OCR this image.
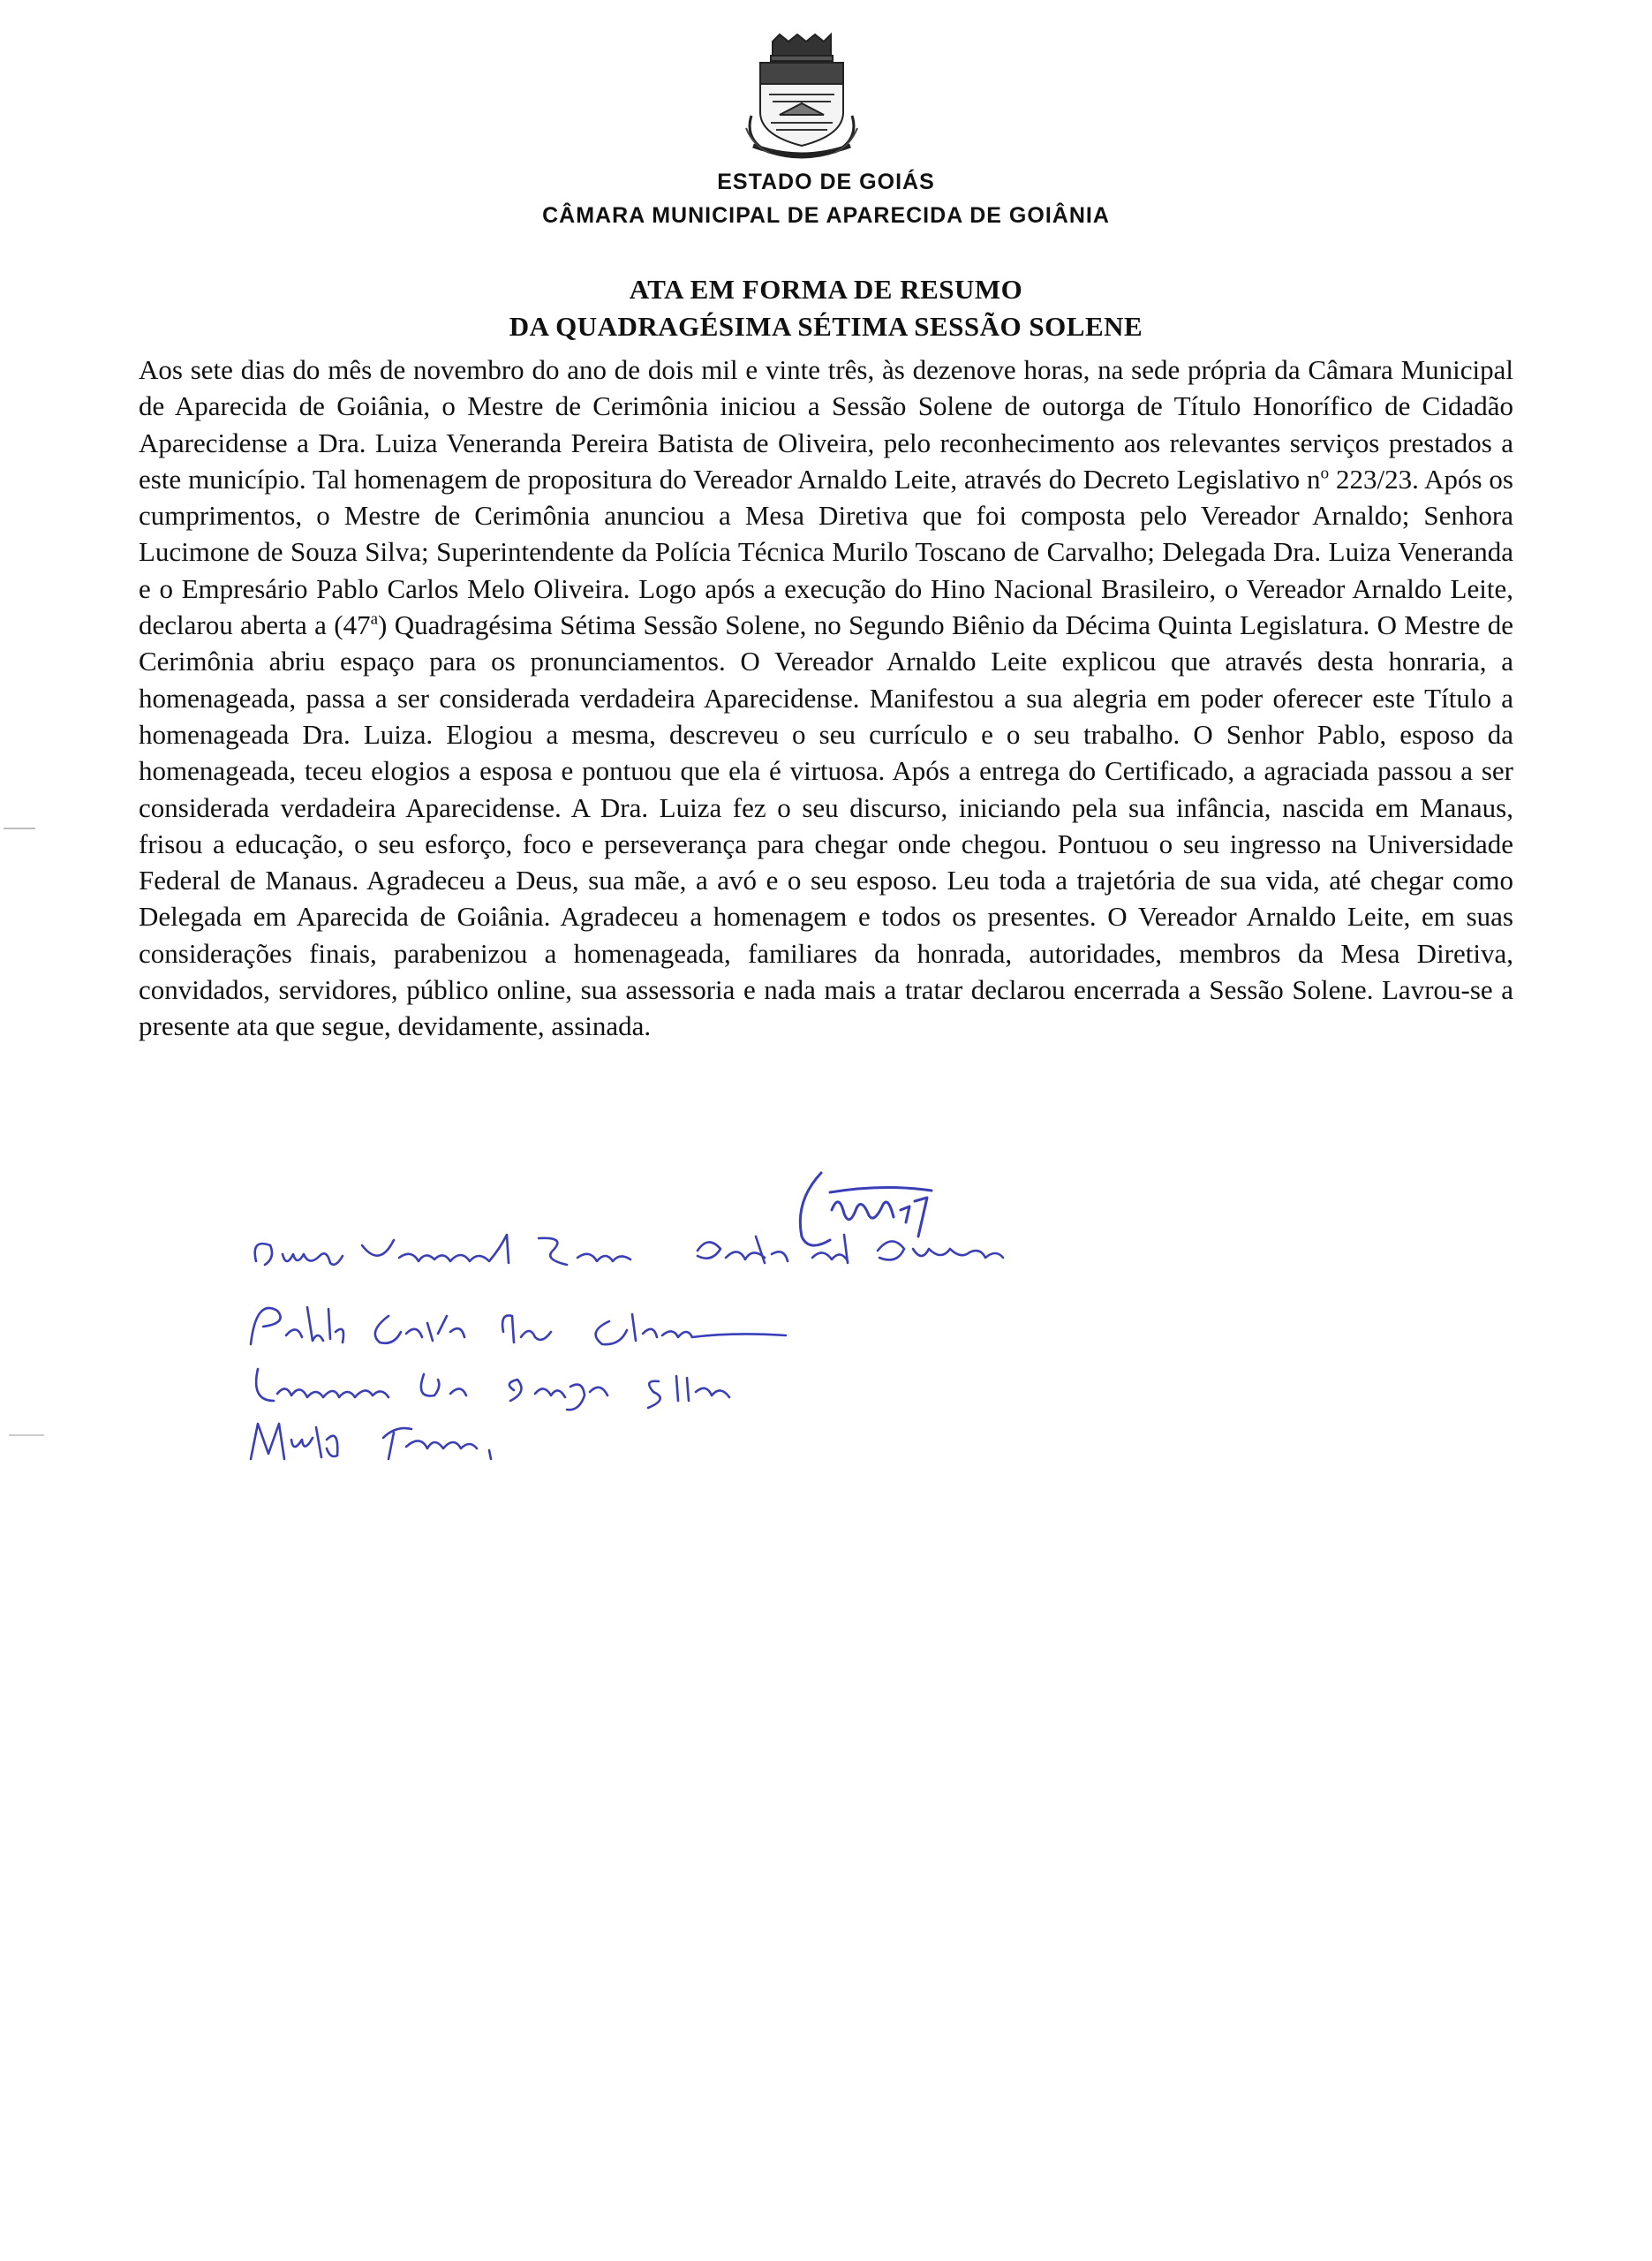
ESTADO DE GOIÁS
CÂMARA MUNICIPAL DE APARECIDA DE GOIÂNIA
ATA EM FORMA DE RESUMO
DA QUADRAGÉSIMA SÉTIMA SESSÃO SOLENE

Aos sete dias do mês de novembro do ano de dois mil e vinte três, às dezenove horas, na sede própria da Câmara Municipal de Aparecida de Goiânia, o Mestre de Cerimônia iniciou a Sessão Solene de outorga de Título Honorífico de Cidadão Aparecidense a Dra. Luiza Veneranda Pereira Batista de Oliveira, pelo reconhecimento aos relevantes serviços prestados a este município. Tal homenagem de propositura do Vereador Arnaldo Leite, através do Decreto Legislativo $n^o$ 223/23. Após os cumprimentos, o Mestre de Cerimônia anunciou a Mesa Diretiva que foi composta pelo Vereador Arnaldo; Senhora Lucimone de Souza Silva; Superintendente da Polícia Técnica Murilo Toscano de Carvalho; Delegada Dra. Luiza Veneranda e o Empresário Pablo Carlos Melo Oliveira. Logo após a execução do Hino Nacional Brasileiro, o Vereador Arnaldo Leite, declarou aberta a (47$^a$) Quadragésima Sétima Sessão Solene, no Segundo Biênio da Décima Quinta Legislatura. O Mestre de Cerimônia abriu espaço para os pronunciamentos. O Vereador Arnaldo Leite explicou que através desta honraria, a homenageada, passa a ser considerada verdadeira Aparecidense. Manifestou a sua alegria em poder oferecer este Título a homenageada Dra. Luiza. Elogiou a mesma, descreveu o seu currículo e o seu trabalho. O Senhor Pablo, esposo da homenageada, teceu elogios a esposa e pontuou que ela é virtuosa. Após a entrega do Certificado, a agraciada passou a ser considerada verdadeira Aparecidense. A Dra. Luiza fez o seu discurso, iniciando pela sua infância, nascida em Manaus, frisou a educação, o seu esforço, foco e perseverança para chegar onde chegou. Pontuou o seu ingresso na Universidade Federal de Manaus. Agradeceu a Deus, sua mãe, a avó e o seu esposo. Leu toda a trajetória de sua vida, até chegar como Delegada em Aparecida de Goiânia. Agradeceu a homenagem e todos os presentes. O Vereador Arnaldo Leite, em suas considerações finais, parabenizou a homenageada, familiares da honrada, autoridades, membros da Mesa Diretiva, convidados, servidores, público online, sua assessoria e nada mais a tratar declarou encerrada a Sessão Solene. Lavrou-se a presente ata que segue, devidamente, assinada.
